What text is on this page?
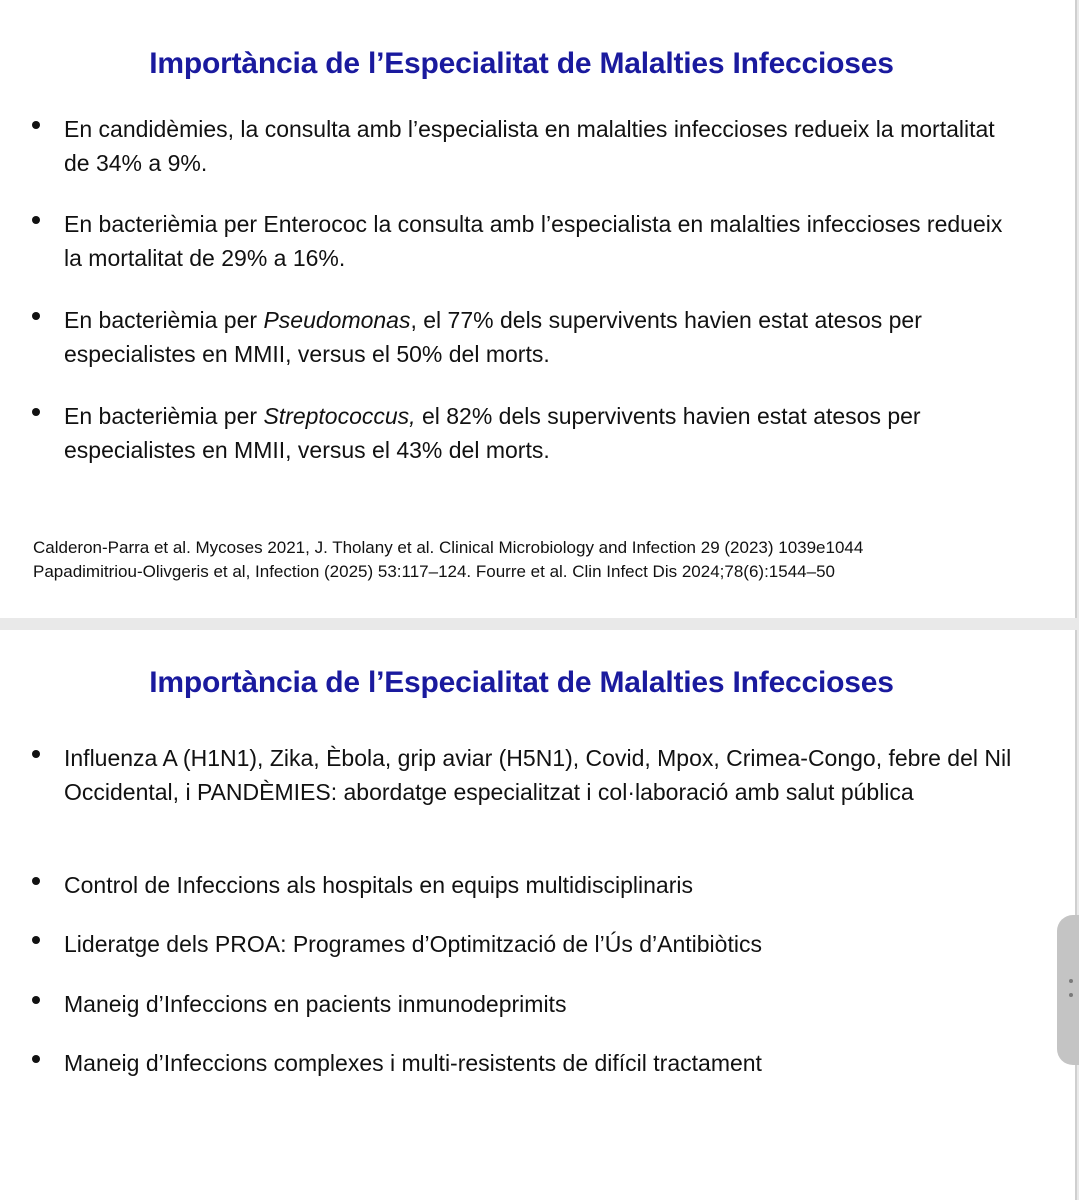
Importància de l’Especialitat de Malalties Infeccioses
En candidèmies, la consulta amb l’especialista en malalties infeccioses redueix la mortalitat de 34% a 9%.
En bacterièmia per Enterococ la consulta amb l’especialista en malalties infeccioses redueix la mortalitat de 29% a 16%.
En bacterièmia per Pseudomonas, el 77% dels supervivents havien estat atesos per especialistes en MMII, versus el 50% del morts.
En bacterièmia per Streptococcus, el 82% dels supervivents havien estat atesos per especialistes en MMII, versus el 43% del morts.
Calderon-Parra et al. Mycoses 2021, J. Tholany et al. Clinical Microbiology and Infection 29 (2023) 1039e1044
Papadimitriou-Olivgeris et al, Infection (2025) 53:117–124. Fourre et al. Clin Infect Dis 2024;78(6):1544–50
Importància de l’Especialitat de Malalties Infeccioses
Influenza A (H1N1), Zika, Èbola, grip aviar (H5N1), Covid, Mpox, Crimea-Congo, febre del Nil Occidental, i PANDÈMIES: abordatge especialitzat i col·laboració amb salut pública
Control de Infeccions als hospitals en equips multidisciplinaris
Lideratge dels PROA: Programes d’Optimització de l’Ús d’Antibiòtics
Maneig d’Infeccions en pacients inmunodeprimits
Maneig d’Infeccions complexes i multi-resistents de difícil tractament
